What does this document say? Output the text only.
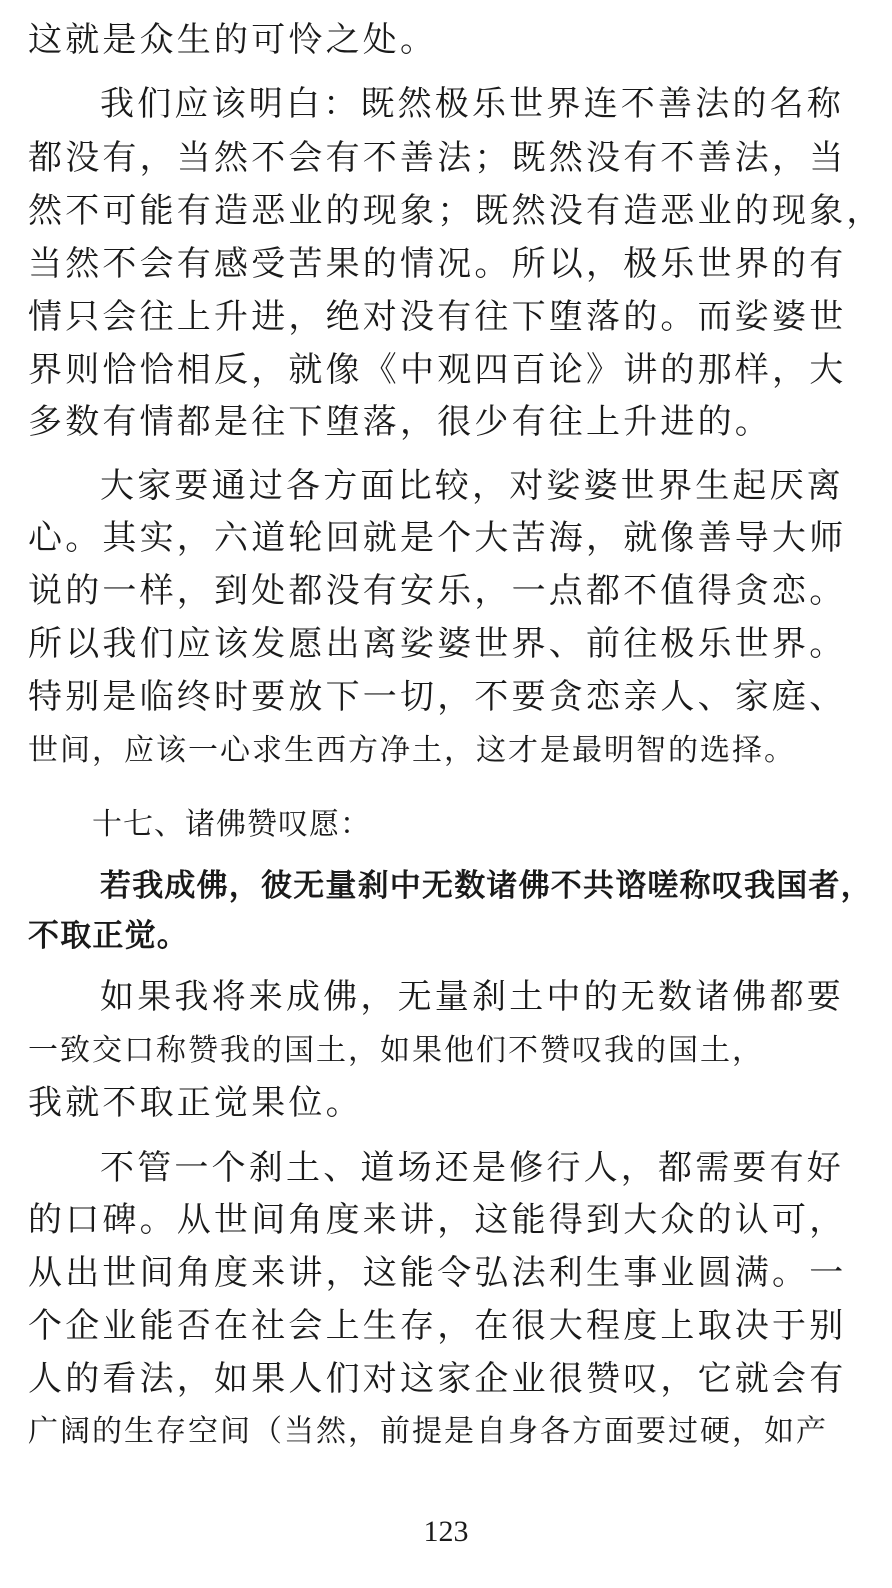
这就是众生的可怜之处。
我们应该明白：既然极乐世界连不善法的名称
都没有，当然不会有不善法；既然没有不善法，当
然不可能有造恶业的现象；既然没有造恶业的现象，
当然不会有感受苦果的情况。所以，极乐世界的有
情只会往上升进，绝对没有往下堕落的。而娑婆世
界则恰恰相反，就像《中观四百论》讲的那样，大
多数有情都是往下堕落，很少有往上升进的。
大家要通过各方面比较，对娑婆世界生起厌离
心。其实，六道轮回就是个大苦海，就像善导大师
说的一样，到处都没有安乐，一点都不值得贪恋。
所以我们应该发愿出离娑婆世界、前往极乐世界。
特别是临终时要放下一切，不要贪恋亲人、家庭、
世间，应该一心求生西方净土，这才是最明智的选择。
十七、诸佛赞叹愿：
若我成佛，彼无量刹中无数诸佛不共谘嗟称叹我国者，
不取正觉。
如果我将来成佛，无量刹土中的无数诸佛都要
一致交口称赞我的国土，如果他们不赞叹我的国土，
我就不取正觉果位。
不管一个刹土、道场还是修行人，都需要有好
的口碑。从世间角度来讲，这能得到大众的认可，
从出世间角度来讲，这能令弘法利生事业圆满。一
个企业能否在社会上生存，在很大程度上取决于别
人的看法，如果人们对这家企业很赞叹，它就会有
广阔的生存空间（当然，前提是自身各方面要过硬，如产
123
